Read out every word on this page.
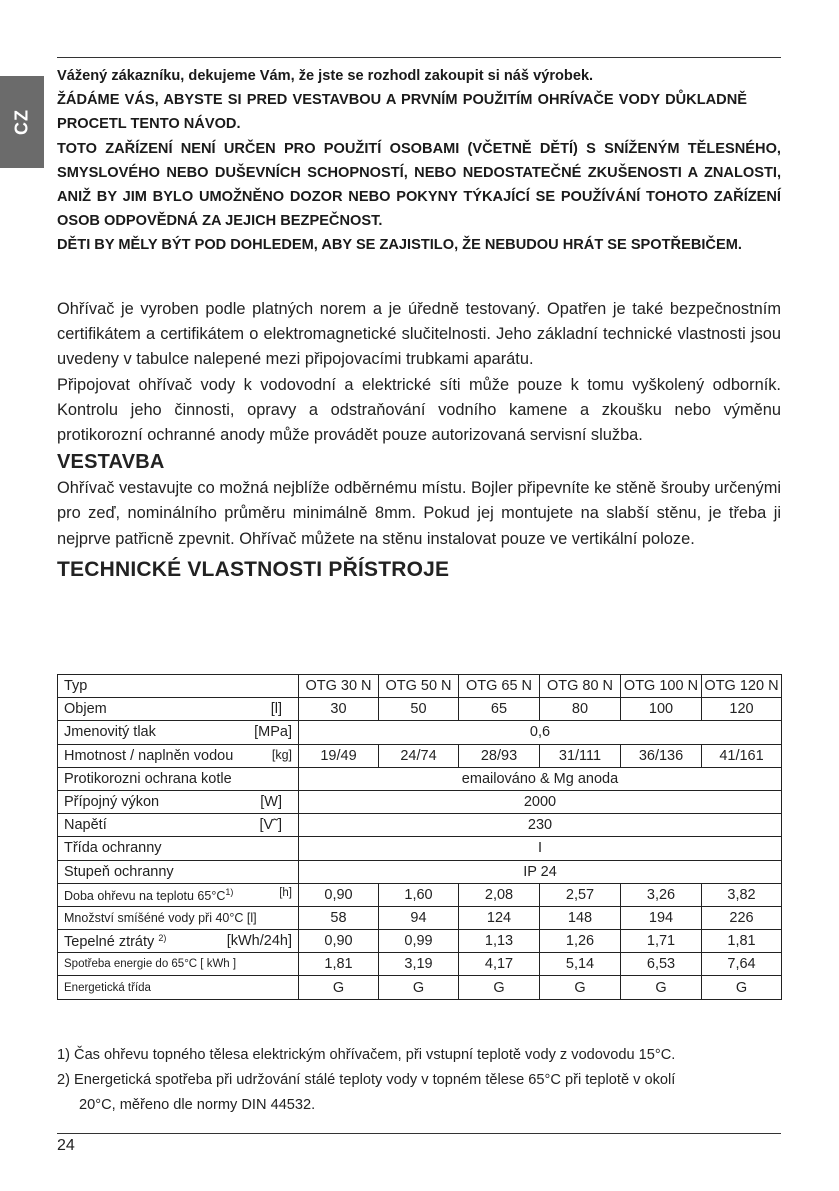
CZ

Vážený zákazníku, dekujeme Vám, že jste se rozhodl zakoupit si náš výrobek.

ŽÁDÁME VÁS, ABYSTE SI PRED VESTAVBOU A PRVNÍM POUŽITÍM OHRÍVAČE VODY DŮKLADNĚ PROCETL TENTO NÁVOD.

TOTO ZAŘÍZENÍ NENÍ URČEN PRO POUŽITÍ OSOBAMI (VČETNĚ DĚTÍ) S SNÍŽENÝM TĚLESNÉHO, SMYSLOVÉHO NEBO DUŠEVNÍCH SCHOPNOSTÍ, NEBO NEDOSTATEČNÉ ZKUŠENOSTI A ZNALOSTI, ANIŽ BY JIM BYLO UMOŽNĚNO DOZOR NEBO POKYNY TÝKAJÍCÍ SE POUŽÍVÁNÍ TOHOTO ZAŘÍZENÍ OSOB ODPOVĚDNÁ ZA JEJICH BEZPEČNOST.

DĚTI BY MĚLY BÝT POD DOHLEDEM, ABY SE ZAJISTILO, ŽE NEBUDOU HRÁT SE SPOTŘEBIČEM.

Ohřívač je vyroben podle platných norem a je úředně testovaný. Opatřen je také bezpečnostním certifikátem a certifikátem o elektromagnetické slučitelnosti. Jeho základní technické vlastnosti jsou uvedeny v tabulce nalepené mezi připojovacími trubkami aparátu.

Připojovat ohřívač vody k vodovodní a elektrické síti může pouze k tomu vyškolený odborník. Kontrolu jeho činnosti, opravy a odstraňování vodního kamene a zkoušku nebo výměnu protikorozní ochranné anody může provádět pouze autorizovaná servisní služba.

VESTAVBA

Ohřívač vestavujte co možná nejblíže odběrnému místu. Bojler připevníte ke stěně šrouby určenými pro zeď, nominálního průměru minimálně 8mm. Pokud jej montujete na slabší stěnu, je třeba ji nejprve patřicně zpevnit. Ohřívač můžete na stěnu instalovat pouze ve vertikální poloze.

TECHNICKÉ VLASTNOSTI PŘÍSTROJE
Typ	OTG 30 N	OTG 50 N	OTG 65 N	OTG 80 N	OTG 100 N	OTG 120 N

Objem [l]	30	50	65	80	100	120

Jmenovitý tlak [MPa]	0,6					

Hmotnost / naplněn vodou [kg]	19/49	24/74	28/93	31/111	36/136	41/161

Protikorozni ochrana kotle	emailováno & Mg anoda					

Přípojný výkon [W]	2000					

Napětí [V˜]	230					

Třída ochranny	I					

Stupeň ochranny	IP 24					

Doba ohřevu na teplotu $65^\circ C^{1)}$ [h]	0,90	1,60	2,08	2,57	3,26	3,82

Množství smíšéné vody při 40°C [l]	58	94	124	148	194	226

Tepelné ztráty $^{2)}$ [kWh/24h]	0,90	0,99	1,13	1,26	1,71	1,81

Spotřeba energie do 65°C [ kWh ]	1,81	3,19	4,17	5,14	6,53	7,64

Energetická třída	G	G	G	G	G	G

1) Čas ohřevu topného tělesa elektrickým ohřívačem, při vstupní teplotě vody z vodovodu 15°C.

2) Energetická spotřeba při udržování stálé teploty vody v topném tělese 65°C při teplotě v okolí

20°C, měřeno dle normy DIN 44532.

24
